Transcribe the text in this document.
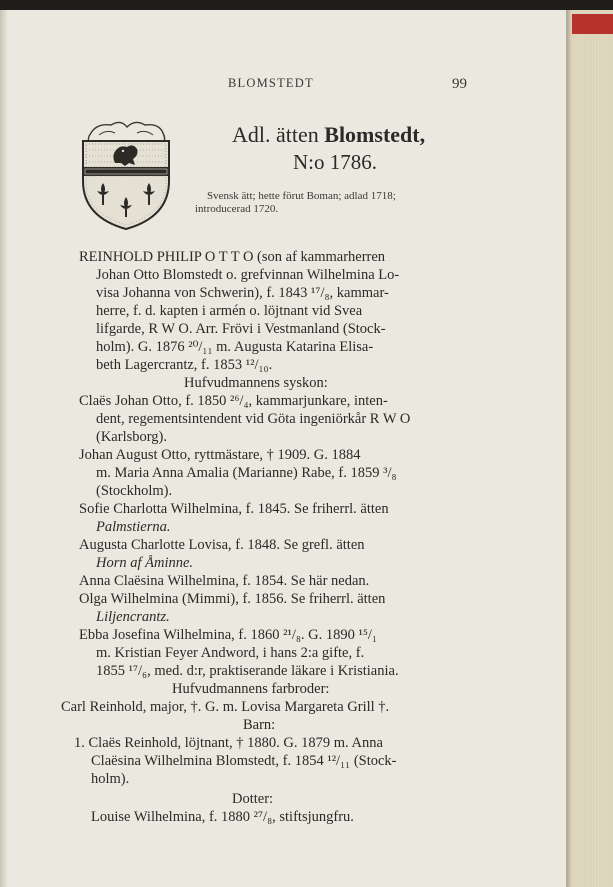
BLOMSTEDT	99
Adl. ätten Blomstedt,
N:o 1786.
Svensk ätt; hette förut Boman; adlad 1718;
introducerad 1720.
REINHOLD PHILIP O T T O (son af kammarherren
Johan Otto Blomstedt o. grefvinnan Wilhelmina Lo-
visa Johanna von Schwerin), f. 1843 ¹⁷/₈, kammar-
herre, f. d. kapten i armén o. löjtnant vid Svea
lifgarde, R W O. Arr. Frövi i Vestmanland (Stock-
holm). G. 1876 ²⁰/₁₁ m. Augusta Katarina Elisa-
beth Lagercrantz, f. 1853 ¹²/₁₀.
Hufvudmannens syskon:
Claës Johan Otto, f. 1850 ²⁶/₄, kammarjunkare, inten-
dent, regementsintendent vid Göta ingeniörkår R W O
(Karlsborg).
Johan August Otto, ryttmästare, † 1909. G. 1884
m. Maria Anna Amalia (Marianne) Rabe, f. 1859 ³/₈
(Stockholm).
Sofie Charlotta Wilhelmina, f. 1845. Se friherrl. ätten
Palmstierna.
Augusta Charlotte Lovisa, f. 1848. Se grefl. ätten
Horn af Åminne.
Anna Claësina Wilhelmina, f. 1854. Se här nedan.
Olga Wilhelmina (Mimmi), f. 1856. Se friherrl. ätten
Liljencrantz.
Ebba Josefina Wilhelmina, f. 1860 ²¹/₈. G. 1890 ¹⁵/₁
m. Kristian Feyer Andword, i hans 2:a gifte, f.
1855 ¹⁷/₆, med. d:r, praktiserande läkare i Kristiania.
Hufvudmannens farbroder:
Carl Reinhold, major, †. G. m. Lovisa Margareta Grill †.
Barn:
1. Claës Reinhold, löjtnant, † 1880. G. 1879 m. Anna
Claësina Wilhelmina Blomstedt, f. 1854 ¹²/₁₁ (Stock-
holm).
Dotter:
Louise Wilhelmina, f. 1880 ²⁷/₈, stiftsjungfru.
